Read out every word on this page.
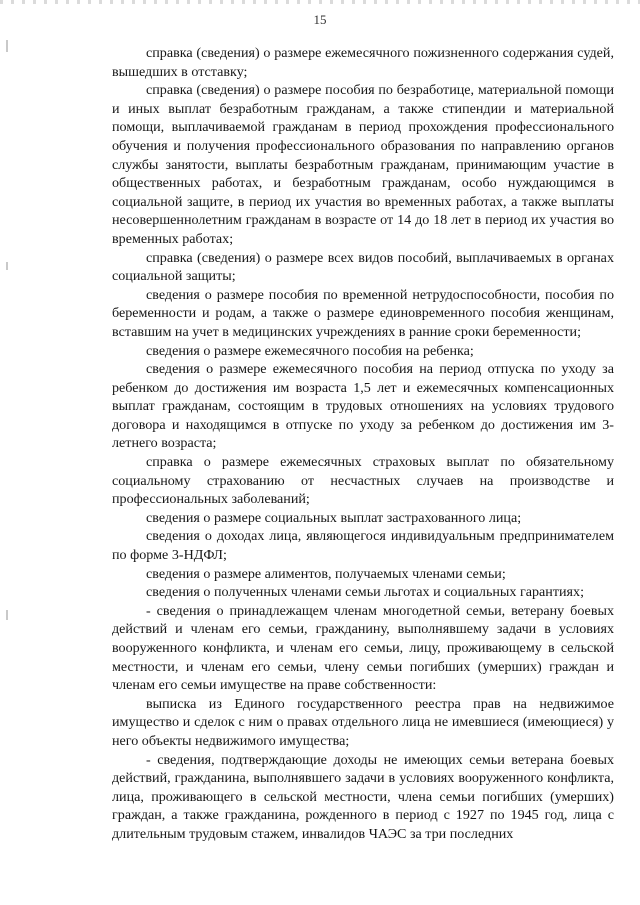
15

справка (сведения) о размере ежемесячного пожизненного содержания судей, вышедших в отставку;

справка (сведения) о размере пособия по безработице, материальной помощи и иных выплат безработным гражданам, а также стипендии и материальной помощи, выплачиваемой гражданам в период прохождения профессионального обучения и получения профессионального образования по направлению органов службы занятости, выплаты безработным гражданам, принимающим участие в общественных работах, и безработным гражданам, особо нуждающимся в социальной защите, в период их участия во временных работах, а также выплаты несовершеннолетним гражданам в возрасте от 14 до 18 лет в период их участия во временных работах;

справка (сведения) о размере всех видов пособий, выплачиваемых в органах социальной защиты;

сведения о размере пособия по временной нетрудоспособности, пособия по беременности и родам, а также о размере единовременного пособия женщинам, вставшим на учет в медицинских учреждениях в ранние сроки беременности;

сведения о размере ежемесячного пособия на ребенка;

сведения о размере ежемесячного пособия на период отпуска по уходу за ребенком до достижения им возраста 1,5 лет и ежемесячных компенсационных выплат гражданам, состоящим в трудовых отношениях на условиях трудового договора и находящимся в отпуске по уходу за ребенком до достижения им 3-летнего возраста;

справка о размере ежемесячных страховых выплат по обязательному социальному страхованию от несчастных случаев на производстве и профессиональных заболеваний;

сведения о размере социальных выплат застрахованного лица;

сведения о доходах лица, являющегося индивидуальным предпринимателем по форме 3-НДФЛ;

сведения о размере алиментов, получаемых членами семьи;

сведения о полученных членами семьи льготах и социальных гарантиях;

- сведения о принадлежащем членам многодетной семьи, ветерану боевых действий и членам его семьи, гражданину, выполнявшему задачи в условиях вооруженного конфликта, и членам его семьи, лицу, проживающему в сельской местности, и членам его семьи, члену семьи погибших (умерших) граждан и членам его семьи имуществе на праве собственности:

выписка из Единого государственного реестра прав на недвижимое имущество и сделок с ним о правах отдельного лица не имевшиеся (имеющиеся) у него объекты недвижимого имущества;

- сведения, подтверждающие доходы не имеющих семьи ветерана боевых действий, гражданина, выполнявшего задачи в условиях вооруженного конфликта, лица, проживающего в сельской местности, члена семьи погибших (умерших) граждан, а также гражданина, рожденного в период с 1927 по 1945 год, лица с длительным трудовым стажем, инвалидов ЧАЭС за три последних
